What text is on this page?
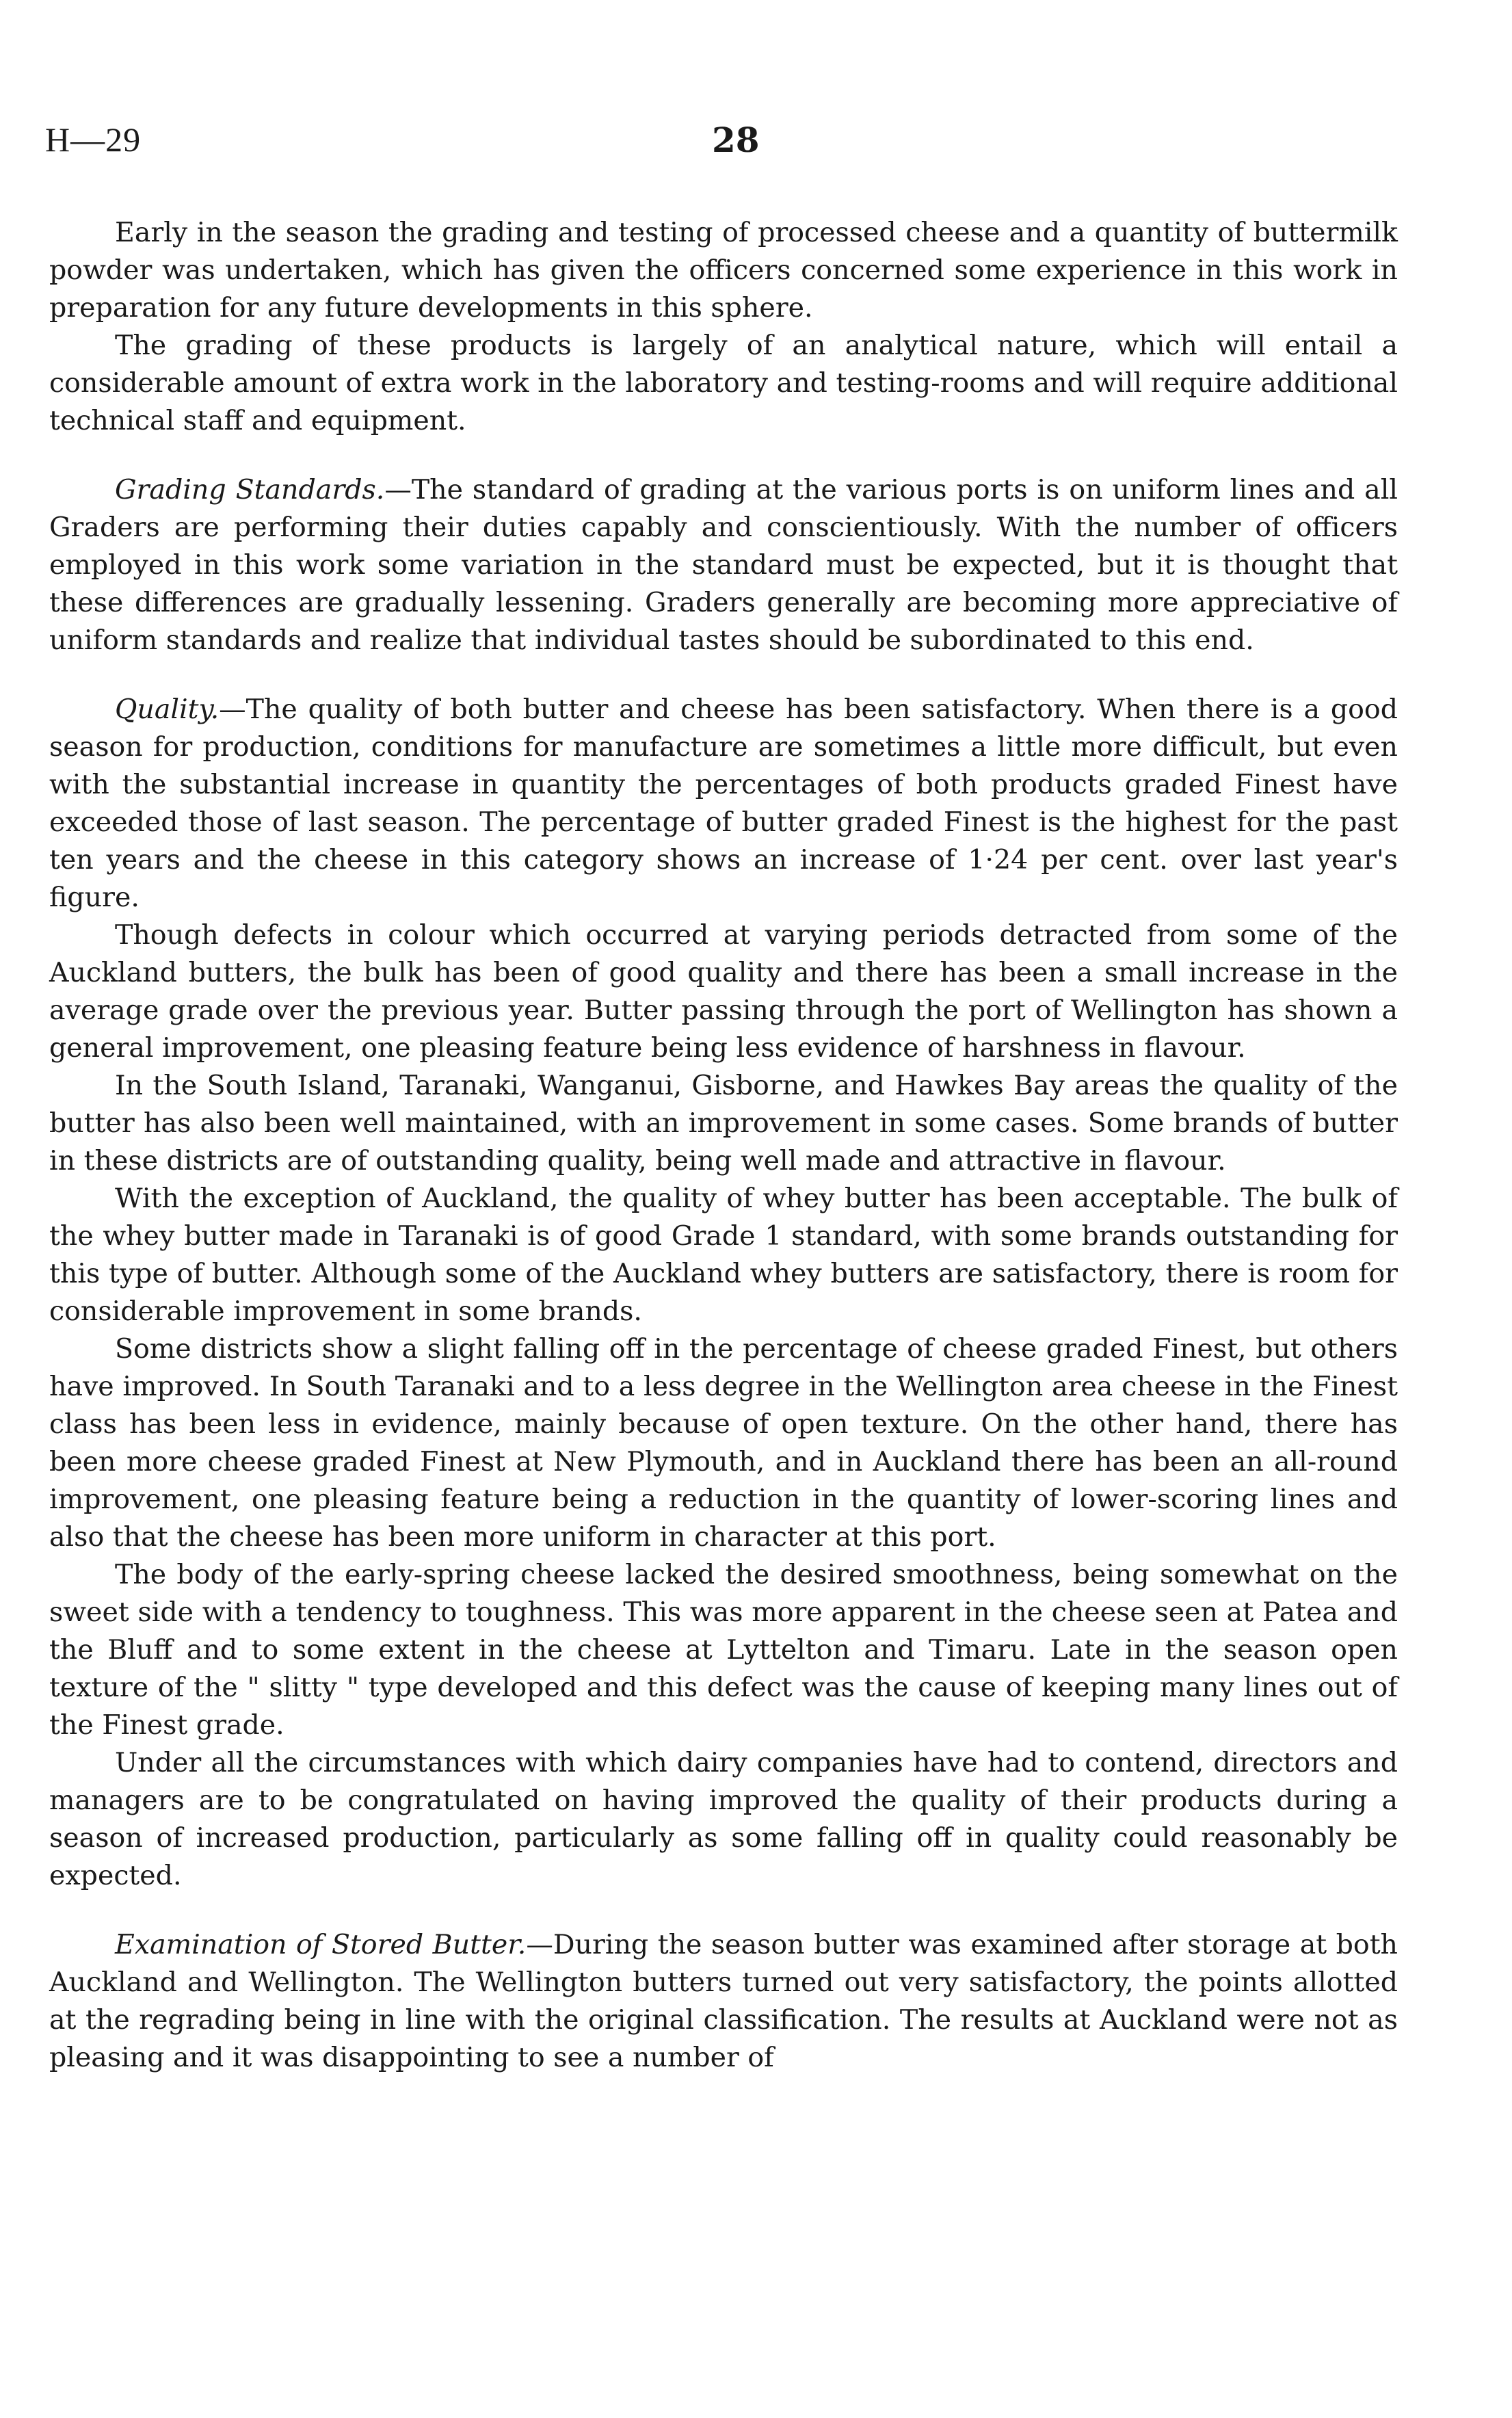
H—29	28

Early in the season the grading and testing of processed cheese and a quantity of buttermilk powder was undertaken, which has given the officers concerned some experience in this work in preparation for any future developments in this sphere.

The grading of these products is largely of an analytical nature, which will entail a considerable amount of extra work in the laboratory and testing-rooms and will require additional technical staff and equipment.

Grading Standards.—The standard of grading at the various ports is on uniform lines and all Graders are performing their duties capably and conscientiously. With the number of officers employed in this work some variation in the standard must be expected, but it is thought that these differences are gradually lessening. Graders generally are becoming more appreciative of uniform standards and realize that individual tastes should be subordinated to this end.

Quality.—The quality of both butter and cheese has been satisfactory. When there is a good season for production, conditions for manufacture are sometimes a little more difficult, but even with the substantial increase in quantity the percentages of both products graded Finest have exceeded those of last season. The percentage of butter graded Finest is the highest for the past ten years and the cheese in this category shows an increase of 1·24 per cent. over last year's figure.

Though defects in colour which occurred at varying periods detracted from some of the Auckland butters, the bulk has been of good quality and there has been a small increase in the average grade over the previous year. Butter passing through the port of Wellington has shown a general improvement, one pleasing feature being less evidence of harshness in flavour.

In the South Island, Taranaki, Wanganui, Gisborne, and Hawkes Bay areas the quality of the butter has also been well maintained, with an improvement in some cases. Some brands of butter in these districts are of outstanding quality, being well made and attractive in flavour.

With the exception of Auckland, the quality of whey butter has been acceptable. The bulk of the whey butter made in Taranaki is of good Grade 1 standard, with some brands outstanding for this type of butter. Although some of the Auckland whey butters are satisfactory, there is room for considerable improvement in some brands.

Some districts show a slight falling off in the percentage of cheese graded Finest, but others have improved. In South Taranaki and to a less degree in the Wellington area cheese in the Finest class has been less in evidence, mainly because of open texture. On the other hand, there has been more cheese graded Finest at New Plymouth, and in Auckland there has been an all-round improvement, one pleasing feature being a reduction in the quantity of lower-scoring lines and also that the cheese has been more uniform in character at this port.

The body of the early-spring cheese lacked the desired smoothness, being somewhat on the sweet side with a tendency to toughness. This was more apparent in the cheese seen at Patea and the Bluff and to some extent in the cheese at Lyttelton and Timaru. Late in the season open texture of the " slitty " type developed and this defect was the cause of keeping many lines out of the Finest grade.

Under all the circumstances with which dairy companies have had to contend, directors and managers are to be congratulated on having improved the quality of their products during a season of increased production, particularly as some falling off in quality could reasonably be expected.

Examination of Stored Butter.—During the season butter was examined after storage at both Auckland and Wellington. The Wellington butters turned out very satisfactory, the points allotted at the regrading being in line with the original classification. The results at Auckland were not as pleasing and it was disappointing to see a number of
